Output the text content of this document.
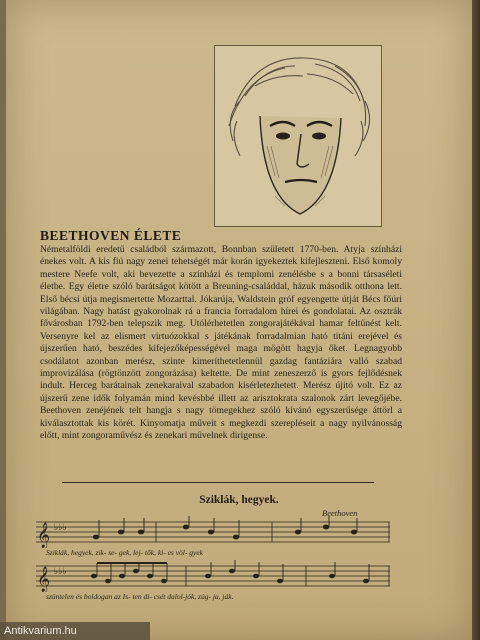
BEETHOVEN ÉLETE

Németalföldi eredetű családból származott, Bonnban született 1770-ben. Atyja színházi énekes volt. A kis fiú nagy zenei tehetségét már korán igyekeztek kifejleszteni. Első komoly mestere Neefe volt, aki bevezette a színházi és templomi zenélésbe s a bonni társaséleti életbe. Egy életre szóló barátságot kötött a Breuning-családdal, házuk második otthona lett. Első bécsi útja megismertette Mozarttal. Jókarúja, Waldstein gróf egyengette útját Bécs főúri világában. Nagy hatást gyakorolnak rá a francia forradalom hírei és gondolatai. Az osztrák fővárosban 1792-ben telepszik meg. Utólérhetetlen zongorajátékával hamar feltűnést kelt. Versenyre kel az elismert virtuózokkal s játékának forradalmian ható titáni erejével és újszerűen ható, beszédes kifejezőképességével maga mögött hagyja őket. Legnagyobb csodálatot azonban merész, szinte kimeríthetetlennül gazdag fantáziára valló szabad improvizálása (rögtönzött zongorázása) keltette. De mint zeneszerző is gyors fejlődésnek indult. Herceg barátainak zenekaraival szabadon kísérletezhetett. Merész újító volt. Ez az újszerű zene idők folyamán mind kevésbbé illett az arisztokrata szalonok zárt levegőjébe. Beethoven zenéjének telt hangja s nagy tömegekhez szóló kívánó egyszerűsége áttörl a kiválasztottak kis körét. Kinyomatja műveit s megkezdi szerepléseit a nagy nyilvánosság előtt, mint zongoraművész és zenekari művelnek dirigense.

Sziklák, hegyek.
Beethoven
𝄞 ♭♭♭
Sziklák, hegyek, zik- se- gek, lej- tők, ki- es völ- gyek
𝄞 ♭♭♭
szüntelen és boldogan az Is- ten di- csét dalol-jók, zúg- ja, ják.
Antikvarium.hu
